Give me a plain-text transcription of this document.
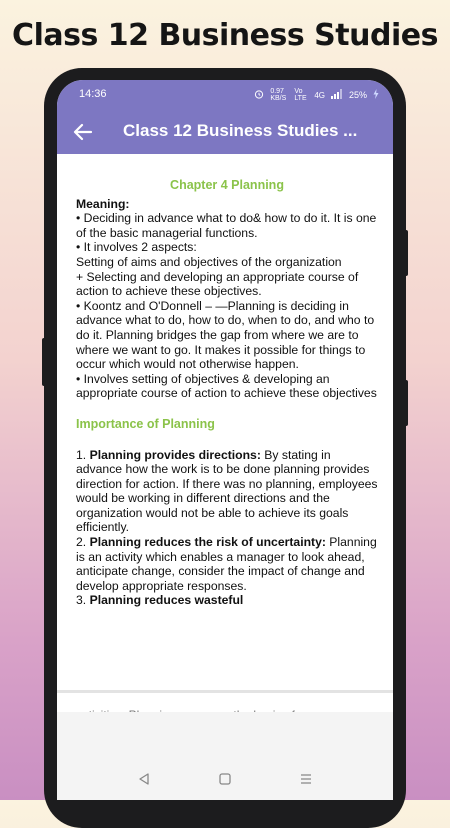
Class 12 Business Studies
14:36	0.97 KB/S
Vo LTE 4G	25%
Class 12 Business Studies ...

Chapter 4 Planning

Meaning:

• Deciding in advance what to do& how to do it. It is one of the basic managerial functions.

• It involves 2 aspects:

Setting of aims and objectives of the organization

+ Selecting and developing an appropriate course of action to achieve these objectives.

• Koontz and O'Donnell – —Planning is deciding in advance what to do, how to do, when to do, and who to do it. Planning bridges the gap from where we are to where we want to go. It makes it possible for things to occur which would not otherwise happen.

• Involves setting of objectives & developing an appropriate course of action to achieve these objectives

Importance of Planning

1. Planning provides directions: By stating in advance how the work is to be done planning provides direction for action. If there was no planning, employees would be working in different directions and the organization would not be able to achieve its goals efficiently.

2. Planning reduces the risk of uncertainty: Planning is an activity which enables a manager to look ahead, anticipate change, consider the impact of change and develop appropriate responses.

3. Planning reduces wasteful
